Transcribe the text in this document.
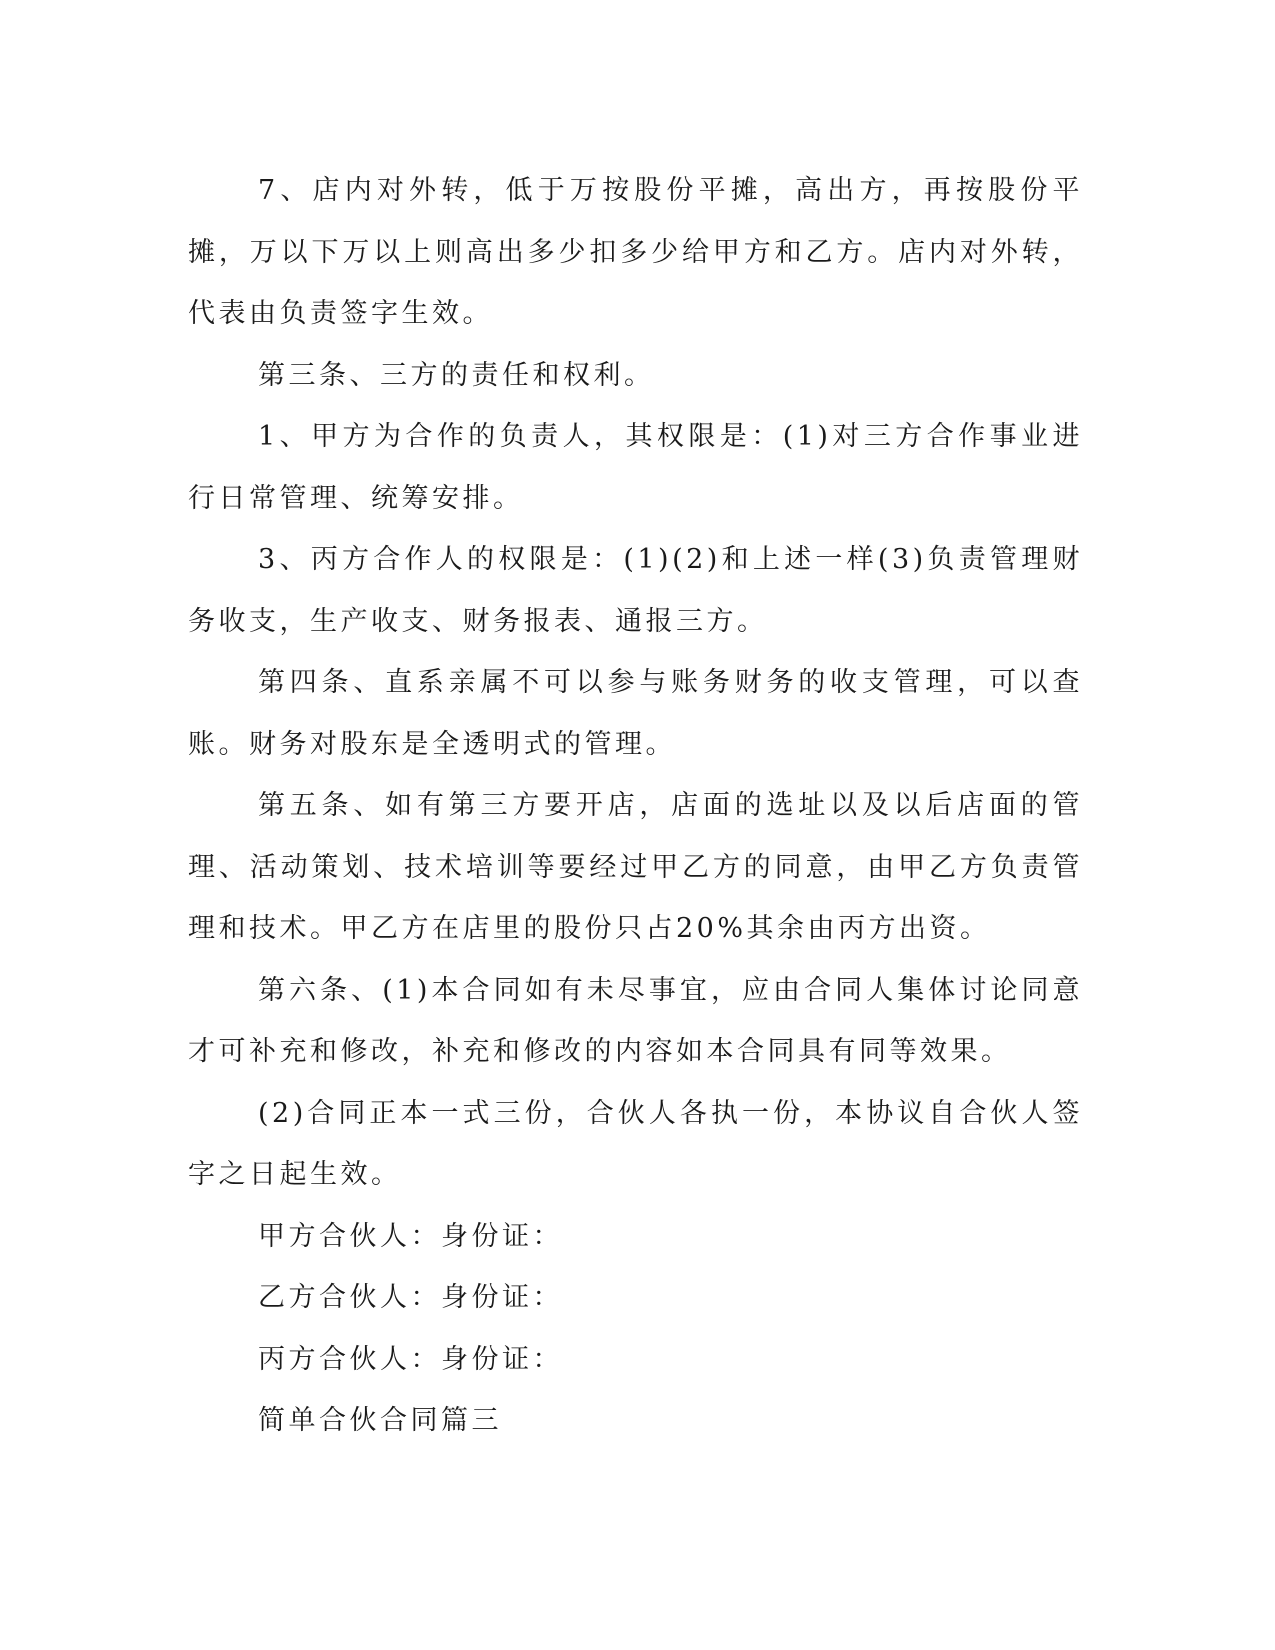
7、店内对外转，低于万按股份平摊，高出方，再按股份平摊，万以下万以上则高出多少扣多少给甲方和乙方。店内对外转，代表由负责签字生效。

第三条、三方的责任和权利。

1、甲方为合作的负责人，其权限是：(1)对三方合作事业进行日常管理、统筹安排。

3、丙方合作人的权限是：(1)(2)和上述一样(3)负责管理财务收支，生产收支、财务报表、通报三方。

第四条、直系亲属不可以参与账务财务的收支管理，可以查账。财务对股东是全透明式的管理。

第五条、如有第三方要开店，店面的选址以及以后店面的管理、活动策划、技术培训等要经过甲乙方的同意，由甲乙方负责管理和技术。甲乙方在店里的股份只占20%其余由丙方出资。

第六条、(1)本合同如有未尽事宜，应由合同人集体讨论同意才可补充和修改，补充和修改的内容如本合同具有同等效果。

(2)合同正本一式三份，合伙人各执一份，本协议自合伙人签字之日起生效。

甲方合伙人：身份证：

乙方合伙人：身份证：

丙方合伙人：身份证：

简单合伙合同篇三
